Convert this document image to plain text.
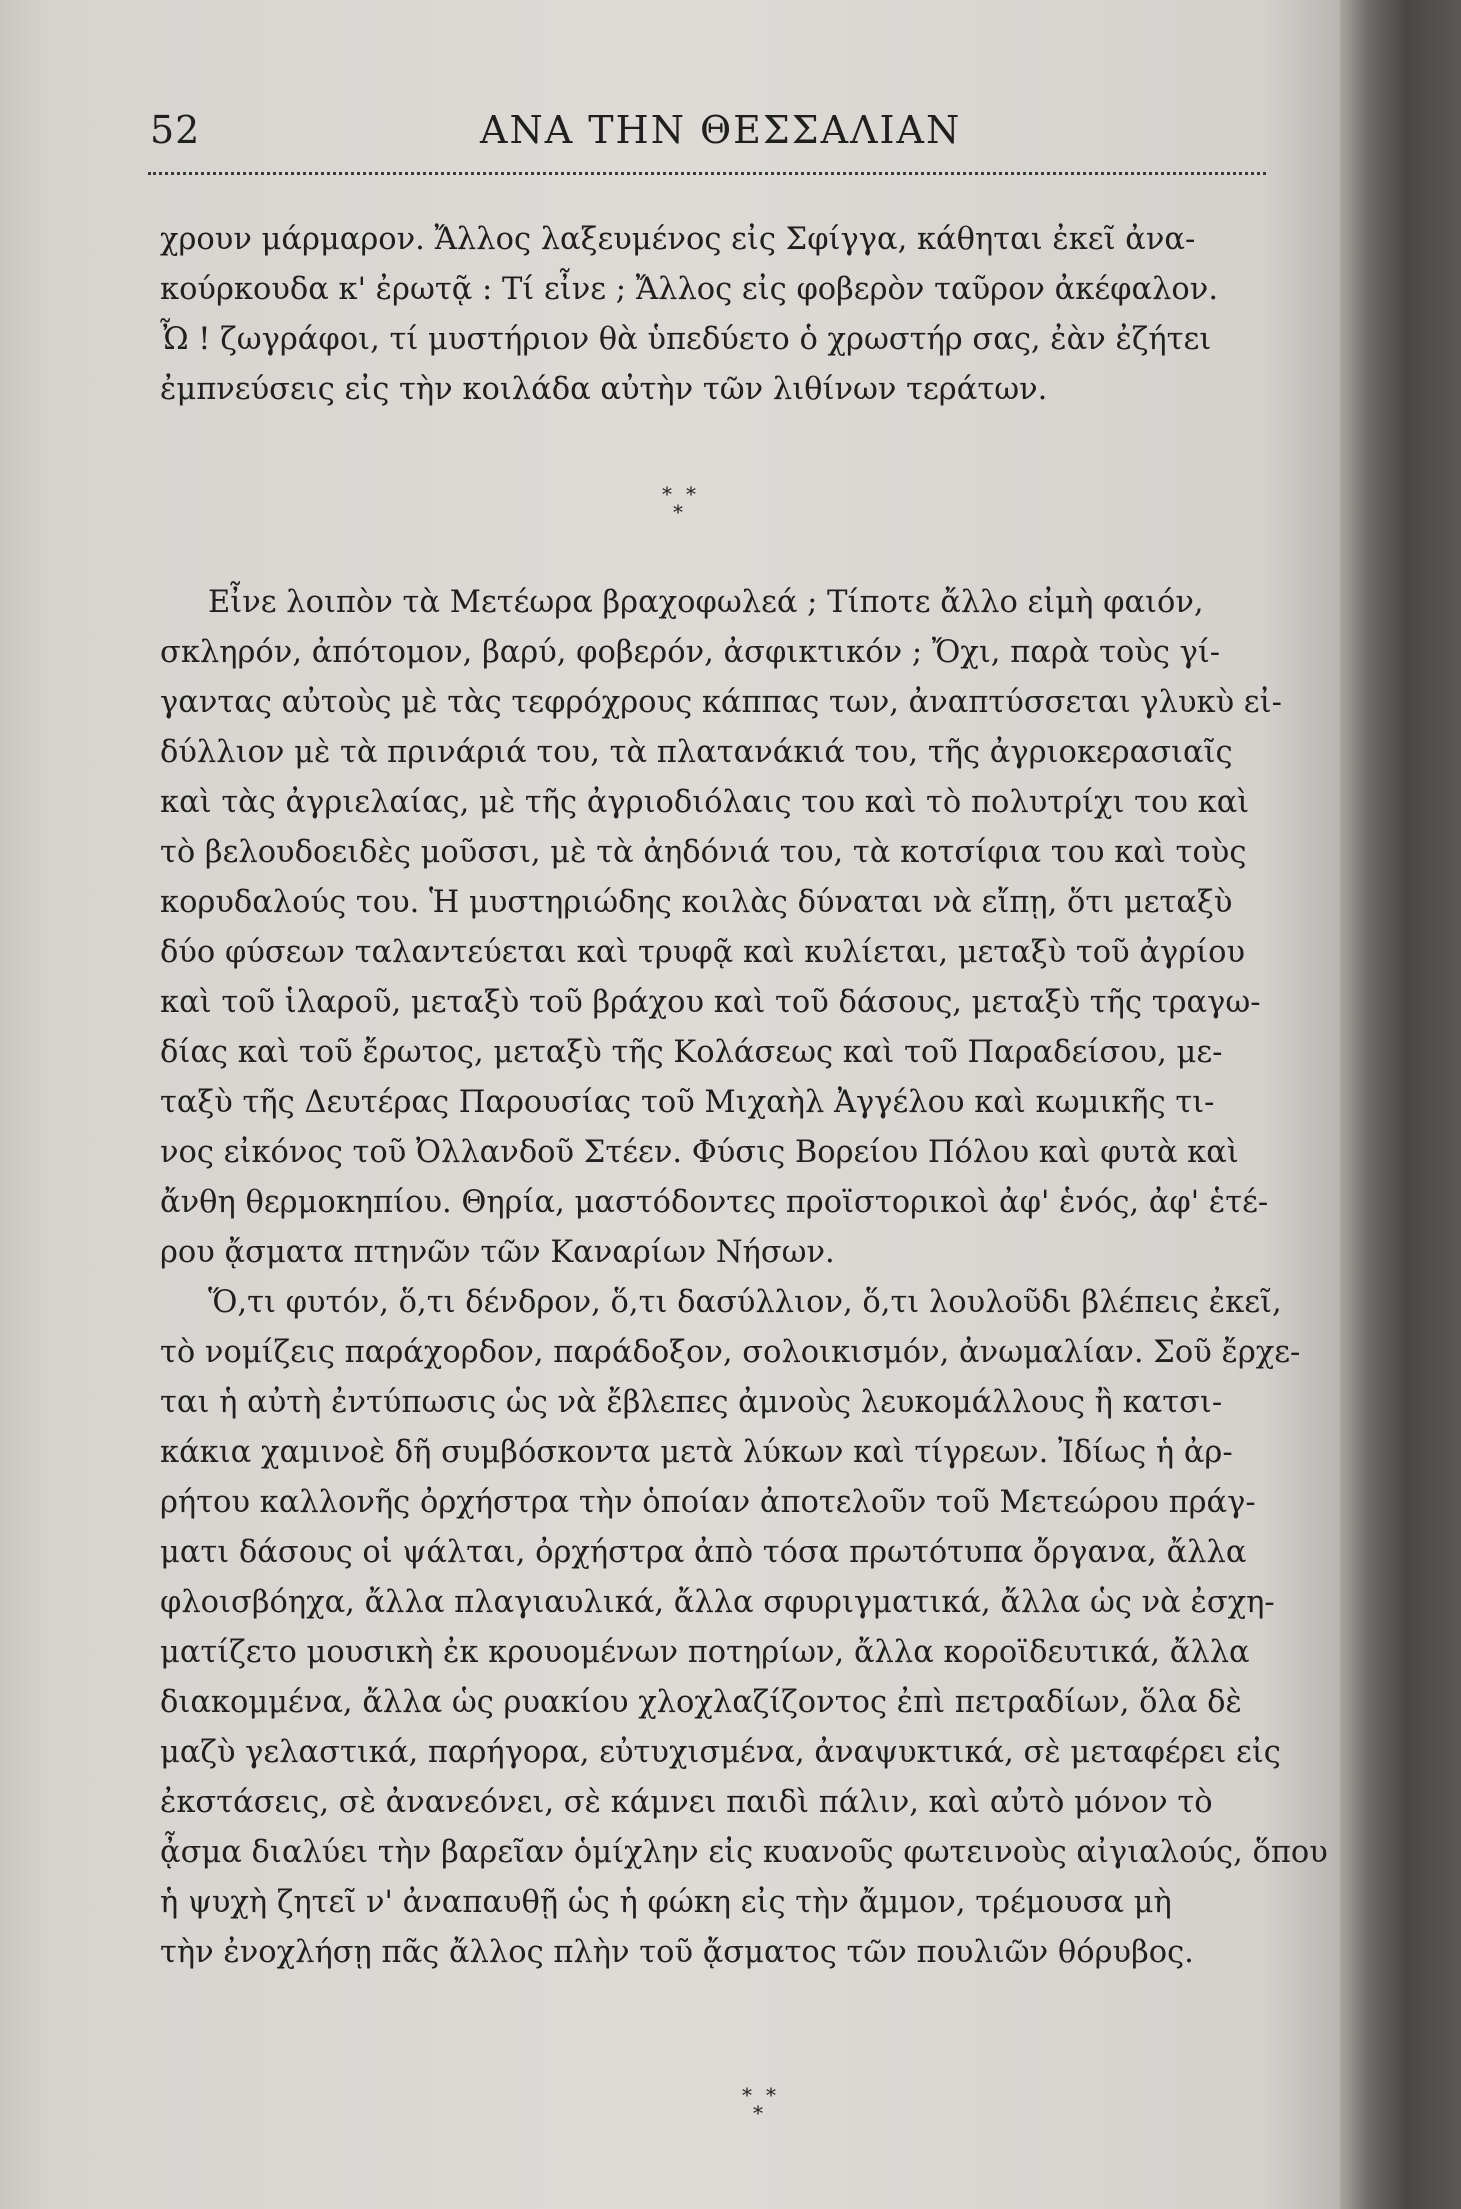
52	ΑΝΑ ΤΗΝ ΘΕΣΣΑΛΙΑΝ
χρουν μάρμαρον. Ἄλλος λαξευμένος εἰς Σφίγγα, κάθηται ἐκεῖ ἀνα-
κούρκουδα κ' ἐρωτᾷ : Τί εἶνε ; Ἄλλος εἰς φοβερὸν ταῦρον ἀκέφαλον.
Ὦ ! ζωγράφοι, τί μυστήριον θὰ ὑπεδύετο ὁ χρωστήρ σας, ἐὰν ἐζήτει
ἐμπνεύσεις εἰς τὴν κοιλάδα αὐτὴν τῶν λιθίνων τεράτων.
**
*
Εἶνε λοιπὸν τὰ Μετέωρα βραχοφωλεά ; Τίποτε ἄλλο εἰμὴ φαιόν,
σκληρόν, ἀπότομον, βαρύ, φοβερόν, ἀσφικτικόν ; Ὄχι, παρὰ τοὺς γί-
γαντας αὐτοὺς μὲ τὰς τεφρόχρους κάππας των, ἀναπτύσσεται γλυκὺ εἰ-
δύλλιον μὲ τὰ πρινάριά του, τὰ πλατανάκιά του, τῆς ἀγριοκερασιαῖς
καὶ τὰς ἀγριελαίας, μὲ τῆς ἀγριοδιόλαις του καὶ τὸ πολυτρίχι του καὶ
τὸ βελουδοειδὲς μοῦσσι, μὲ τὰ ἀηδόνιά του, τὰ κοτσίφια του καὶ τοὺς
κορυδαλούς του. Ἡ μυστηριώδης κοιλὰς δύναται νὰ εἴπῃ, ὅτι μεταξὺ
δύο φύσεων ταλαντεύεται καὶ τρυφᾷ καὶ κυλίεται, μεταξὺ τοῦ ἀγρίου
καὶ τοῦ ἱλαροῦ, μεταξὺ τοῦ βράχου καὶ τοῦ δάσους, μεταξὺ τῆς τραγω-
δίας καὶ τοῦ ἔρωτος, μεταξὺ τῆς Κολάσεως καὶ τοῦ Παραδείσου, με-
ταξὺ τῆς Δευτέρας Παρουσίας τοῦ Μιχαὴλ Ἀγγέλου καὶ κωμικῆς τι-
νος εἰκόνος τοῦ Ὀλλανδοῦ Στέεν. Φύσις Βορείου Πόλου καὶ φυτὰ καὶ
ἄνθη θερμοκηπίου. Θηρία, μαστόδοντες προϊστορικοὶ ἀφ' ἑνός, ἀφ' ἑτέ-
ρου ᾄσματα πτηνῶν τῶν Καναρίων Νήσων.
Ὅ,τι φυτόν, ὅ,τι δένδρον, ὅ,τι δασύλλιον, ὅ,τι λουλοῦδι βλέπεις ἐκεῖ,
τὸ νομίζεις παράχορδον, παράδοξον, σολοικισμόν, ἀνωμαλίαν. Σοῦ ἔρχε-
ται ἡ αὐτὴ ἐντύπωσις ὡς νὰ ἔβλεπες ἀμνοὺς λευκομάλλους ἢ κατσι-
κάκια χαμινοὲ δῆ συμβόσκοντα μετὰ λύκων καὶ τίγρεων. Ἰδίως ἡ ἀρ-
ρήτου καλλονῆς ὀρχήστρα τὴν ὁποίαν ἀποτελοῦν τοῦ Μετεώρου πράγ-
ματι δάσους οἱ ψάλται, ὀρχήστρα ἀπὸ τόσα πρωτότυπα ὄργανα, ἄλλα
φλοισβόηχα, ἄλλα πλαγιαυλικά, ἄλλα σφυριγματικά, ἄλλα ὡς νὰ ἐσχη-
ματίζετο μουσικὴ ἐκ κρουομένων ποτηρίων, ἄλλα κοροϊδευτικά, ἄλλα
διακομμένα, ἄλλα ὡς ρυακίου χλοχλαζίζοντος ἐπὶ πετραδίων, ὅλα δὲ
μαζὺ γελαστικά, παρήγορα, εὐτυχισμένα, ἀναψυκτικά, σὲ μεταφέρει εἰς
ἐκστάσεις, σὲ ἀνανεόνει, σὲ κάμνει παιδὶ πάλιν, καὶ αὐτὸ μόνον τὸ
ᾆσμα διαλύει τὴν βαρεῖαν ὁμίχλην εἰς κυανοῦς φωτεινοὺς αἰγιαλούς, ὅπου
ἡ ψυχὴ ζητεῖ ν' ἀναπαυθῇ ὡς ἡ φώκη εἰς τὴν ἄμμον, τρέμουσα μὴ
τὴν ἐνοχλήσῃ πᾶς ἄλλος πλὴν τοῦ ᾄσματος τῶν πουλιῶν θόρυβος.
**
*
